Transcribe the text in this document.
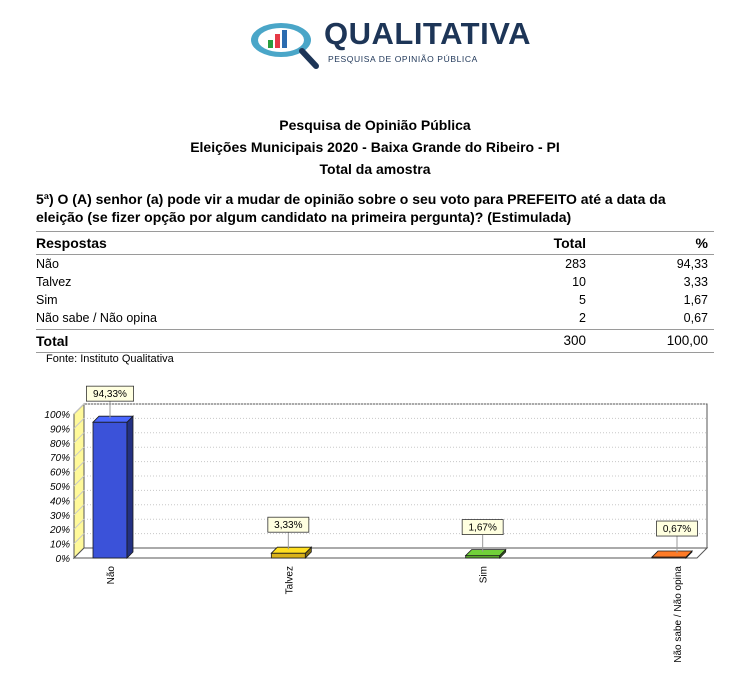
QUALITATIVA
PESQUISA DE OPINIÃO PÚBLICA
Pesquisa de Opinião Pública
Eleições Municipais 2020 - Baixa Grande do Ribeiro - PI
Total da amostra
5ª) O (A) senhor (a) pode vir a mudar de opinião sobre o seu voto para PREFEITO até a data da eleição (se fizer opção por algum candidato na primeira pergunta)? (Estimulada)
Respostas	Total	%
Não	283	94,33
Talvez	10	3,33
Sim	5	1,67
Não sabe / Não opina	2	0,67
Total	300	100,00
Fonte: Instituto Qualitativa
0%
10%
20%
30%
40%
50%
60%
70%
80%
90%
100%
94,33%
Não
3,33%
Talvez
1,67%
Sim
0,67%
Não sabe / Não opina
